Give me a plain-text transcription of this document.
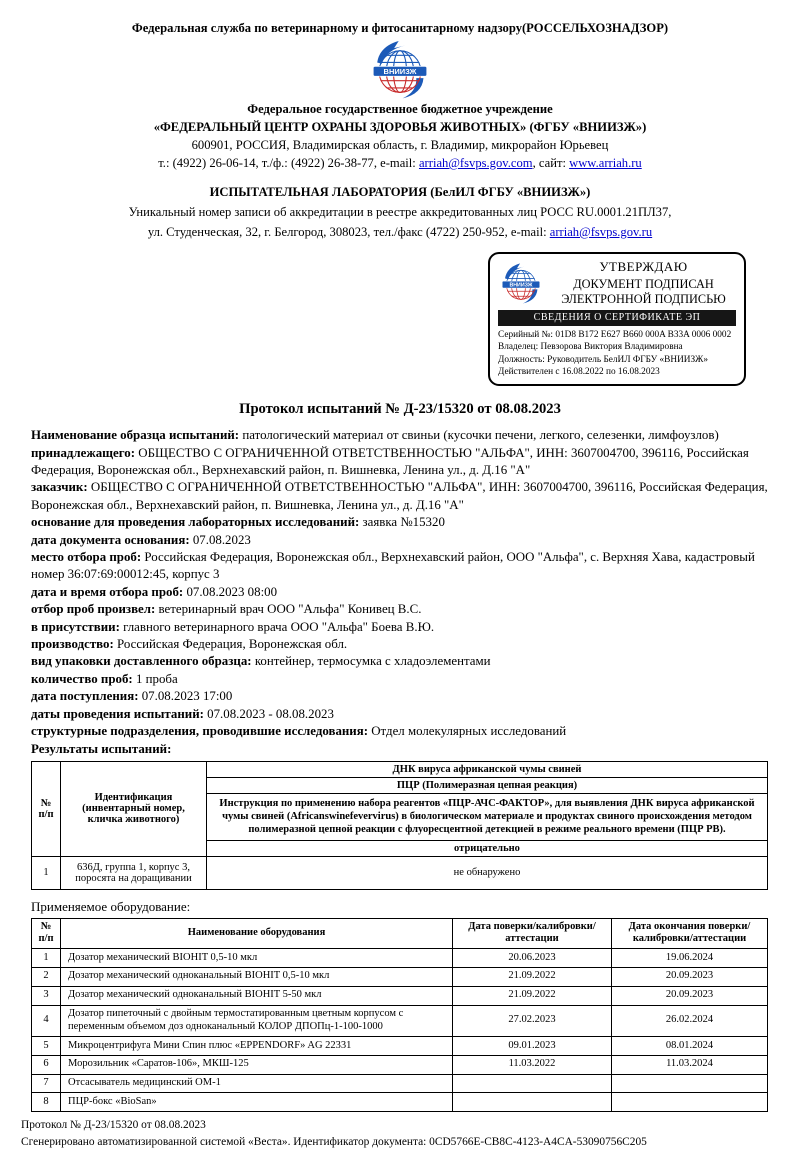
Федеральная служба по ветеринарному и фитосанитарному надзору(РОССЕЛЬХОЗНАДЗОР)
ВНИИЗЖ
Федеральное государственное бюджетное учреждение
«ФЕДЕРАЛЬНЫЙ ЦЕНТР ОХРАНЫ ЗДОРОВЬЯ ЖИВОТНЫХ» (ФГБУ «ВНИИЗЖ»)
600901, РОССИЯ, Владимирская область, г. Владимир, микрорайон Юрьевец
т.: (4922) 26-06-14, т./ф.: (4922) 26-38-77, e-mail: arriah@fsvps.gov.com, сайт: www.arriah.ru
ИСПЫТАТЕЛЬНАЯ ЛАБОРАТОРИЯ (БелИЛ ФГБУ «ВНИИЗЖ»)
Уникальный номер записи об аккредитации в реестре аккредитованных лиц РОСС RU.0001.21ПЛ37,
ул. Студенческая, 32, г. Белгород, 308023, тел./факс (4722) 250-952, e-mail: arriah@fsvps.gov.ru
ВНИИЗЖ
УТВЕРЖДАЮ
ДОКУМЕНТ ПОДПИСАН
ЭЛЕКТРОННОЙ ПОДПИСЬЮ
СВЕДЕНИЯ О СЕРТИФИКАТЕ ЭП
Серийный №: 01D8 B172 E627 B660 000A B33A 0006 0002
Владелец: Певзорова Виктория Владимировна
Должность: Руководитель БелИЛ ФГБУ «ВНИИЗЖ»
Действителен с 16.08.2022 по 16.08.2023
Протокол испытаний № Д-23/15320 от 08.08.2023
Наименование образца испытаний: патологический материал от свиньи (кусочки печени, легкого, селезенки, лимфоузлов)
принадлежащего: ОБЩЕСТВО С ОГРАНИЧЕННОЙ ОТВЕТСТВЕННОСТЬЮ "АЛЬФА", ИНН: 3607004700, 396116, Российская Федерация, Воронежская обл., Верхнехавский район, п. Вишневка, Ленина ул., д. Д.16 "А"
заказчик: ОБЩЕСТВО С ОГРАНИЧЕННОЙ ОТВЕТСТВЕННОСТЬЮ "АЛЬФА", ИНН: 3607004700, 396116, Российская Федерация, Воронежская обл., Верхнехавский район, п. Вишневка, Ленина ул., д. Д.16 "А"
основание для проведения лабораторных исследований: заявка №15320
дата документа основания: 07.08.2023
место отбора проб: Российская Федерация, Воронежская обл., Верхнехавский район, ООО "Альфа", с. Верхняя Хава, кадастровый номер 36:07:69:00012:45, корпус 3
дата и время отбора проб: 07.08.2023 08:00
отбор проб произвел: ветеринарный врач ООО "Альфа" Конивец В.С.
в присутствии: главного ветеринарного врача ООО "Альфа" Боева В.Ю.
производство: Российская Федерация, Воронежская обл.
вид упаковки доставленного образца: контейнер, термосумка с хладоэлементами
количество проб: 1 проба
дата поступления: 07.08.2023 17:00
даты проведения испытаний: 07.08.2023 - 08.08.2023
структурные подразделения, проводившие исследования: Отдел молекулярных исследований
Результаты испытаний:
№ п/п	Идентификация (инвентарный номер, кличка животного)	ДНК вируса африканской чумы свиней
		ПЦР (Полимеразная цепная реакция)
		Инструкция по применению набора реагентов «ПЦР-АЧС-ФАКТОР», для выявления ДНК вируса африканской чумы свиней (Africanswinefevervirus) в биологическом материале и продуктах свиного происхождения методом полимеразной цепной реакции с флуоресцентной детекцией в режиме реального времени (ПЦР РВ).
		отрицательно
1	636Д, группа 1, корпус 3, поросята на доращивании	не обнаружено
Применяемое оборудование:
№ п/п	Наименование оборудования	Дата поверки/калибровки/аттестации	Дата окончания поверки/калибровки/аттестации
1	Дозатор механический BIOHIT 0,5-10 мкл	20.06.2023	19.06.2024
2	Дозатор механический одноканальный BIOHIT 0,5-10 мкл	21.09.2022	20.09.2023
3	Дозатор механический одноканальный BIOHIT 5-50 мкл	21.09.2022	20.09.2023
4	Дозатор пипеточный с двойным термостатированным цветным корпусом с переменным объемом доз одноканальный КОЛОР ДПОПц-1-100-1000	27.02.2023	26.02.2024
5	Микроцентрифуга Мини Спин плюс «EPPENDORF» AG 22331	09.01.2023	08.01.2024
6	Морозильник «Саратов-106», МКШ-125	11.03.2022	11.03.2024
7	Отсасыватель медицинский ОМ-1		
8	ПЦР-бокс «BioSan»		
Протокол № Д-23/15320 от 08.08.2023
Сгенерировано автоматизированной системой «Веста». Идентификатор документа: 0CD5766E-CB8C-4123-A4CA-53090756C205
